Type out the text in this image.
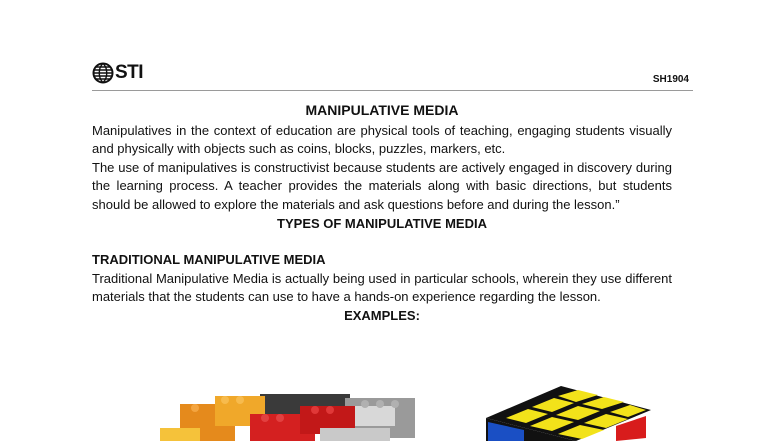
STI	SH1904
MANIPULATIVE MEDIA

Manipulatives in the context of education are physical tools of teaching, engaging students visually and physically with objects such as coins, blocks, puzzles, markers, etc.

The use of manipulatives is constructivist because students are actively engaged in discovery during the learning process. A teacher provides the materials along with basic directions, but students should be allowed to explore the materials and ask questions before and during the lesson.”

TYPES OF MANIPULATIVE MEDIA

TRADITIONAL MANIPULATIVE MEDIA

Traditional Manipulative Media is actually being used in particular schools, wherein they use different materials that the students can use to have a hands-on experience regarding the lesson.

EXAMPLES:
